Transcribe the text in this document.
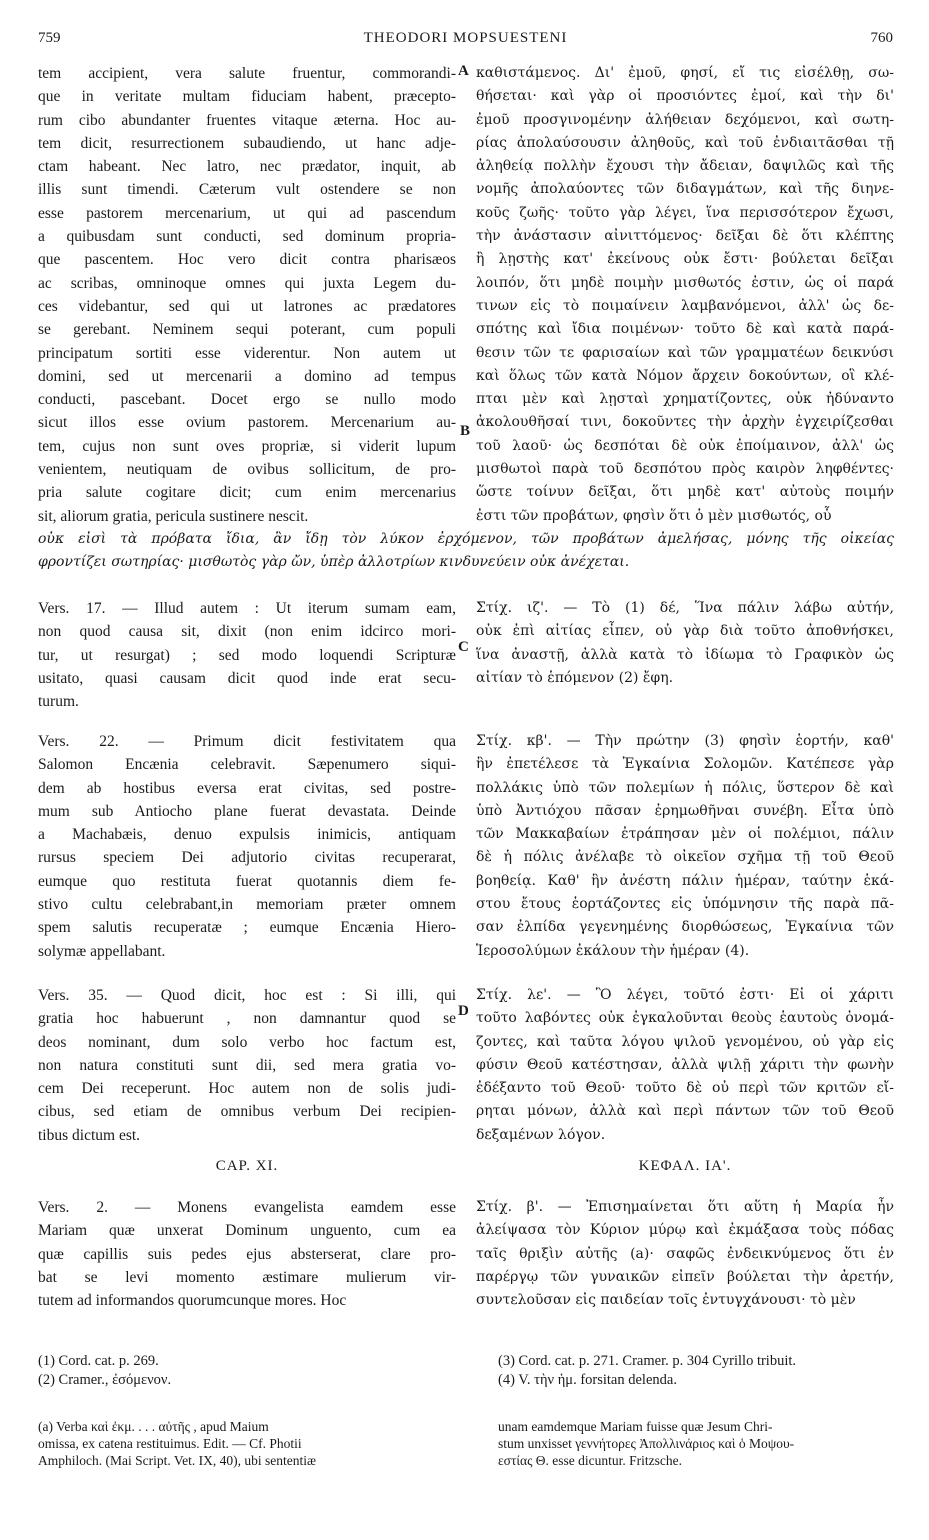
759	THEODORI MOPSUESTENI	760
tem accipient, vera salute fruentur, commorandi-
que in veritate multam fiduciam habent, præcepto-
rum cibo abundanter fruentes vitaque æterna. Hoc au-
tem dicit, resurrectionem subaudiendo, ut hanc adje-
ctam habeant. Nec latro, nec prædator, inquit, ab
illis sunt timendi. Cæterum vult ostendere se non
esse pastorem mercenarium, ut qui ad pascendum
a quibusdam sunt conducti, sed dominum propria-
que pascentem. Hoc vero dicit contra pharisæos
ac scribas, omninoque omnes qui juxta Legem du-
ces videbantur, sed qui ut latrones ac prædatores
se gerebant. Neminem sequi poterant, cum populi
principatum sortiti esse viderentur. Non autem ut
domini, sed ut mercenarii a domino ad tempus
conducti, pascebant. Docet ergo se nullo modo
sicut illos esse ovium pastorem. Mercenarium au-
tem, cujus non sunt oves propriæ, si viderit lupum
venientem, neutiquam de ovibus sollicitum, de pro-
pria salute cogitare dicit; cum enim mercenarius
sit, aliorum gratia, pericula sustinere nescit.
καθιστάμενος. Δι' ἐμοῦ, φησί, εἴ τις εἰσέλθῃ, σω-
θήσεται· καὶ γὰρ οἱ προσιόντες ἐμοί, καὶ τὴν δι'
ἐμοῦ προσγινομένην ἀλήθειαν δεχόμενοι, καὶ σωτη-
ρίας ἀπολαύσουσιν ἀληθοῦς, καὶ τοῦ ἐνδιαιτᾶσθαι τῇ
ἀληθείᾳ πολλὴν ἔχουσι τὴν ἄδειαν, δαψιλῶς καὶ τῆς
νομῆς ἀπολαύοντες τῶν διδαγμάτων, καὶ τῆς διηνε-
κοῦς ζωῆς· τοῦτο γὰρ λέγει, ἵνα περισσότερον ἔχωσι,
τὴν ἀνάστασιν αἰνιττόμενος· δεῖξαι δὲ ὅτι κλέπτης
ἢ λῃστὴς κατ' ἐκείνους οὐκ ἔστι· βούλεται δεῖξαι
λοιπόν, ὅτι μηδὲ ποιμὴν μισθωτός ἐστιν, ὡς οἱ παρά
τινων εἰς τὸ ποιμαίνειν λαμβανόμενοι, ἀλλ' ὡς δε-
σπότης καὶ ἴδια ποιμένων· τοῦτο δὲ καὶ κατὰ παρά-
θεσιν τῶν τε φαρισαίων καὶ τῶν γραμματέων δεικνύσι
καὶ ὅλως τῶν κατὰ Νόμον ἄρχειν δοκούντων, οἳ κλέ-
πται μὲν καὶ λῃσταὶ χρηματίζοντες, οὐκ ἠδύναντο
ἀκολουθῆσαί τινι, δοκοῦντες τὴν ἀρχὴν ἐγχειρίζεσθαι
τοῦ λαοῦ· ὡς δεσπόται δὲ οὐκ ἐποίμαινον, ἀλλ' ὡς
μισθωτοὶ παρὰ τοῦ δεσπότου πρὸς καιρὸν ληφθέντες·
ὥστε τοίνυν δεῖξαι, ὅτι μηδὲ κατ' αὐτοὺς ποιμήν
ἐστι τῶν προβάτων, φησὶν ὅτι ὁ μὲν μισθωτός, οὗ
οὐκ εἰσὶ τὰ πρόβατα ἴδια, ἂν ἴδῃ τὸν λύκον ἐρχόμενον, τῶν προβάτων ἀμελήσας, μόνης τῆς οἰκείας
φροντίζει σωτηρίας· μισθωτὸς γὰρ ὤν, ὑπὲρ ἀλλοτρίων κινδυνεύειν οὐκ ἀνέχεται.
A
B
C
D
Vers. 17. — Illud autem : Ut iterum sumam eam,
non quod causa sit, dixit (non enim idcirco mori-
tur, ut resurgat) ; sed modo loquendi Scripturæ
usitato, quasi causam dicit quod inde erat secu-
turum.
Στίχ. ιζ'. — Τὸ (1) δέ, Ἵνα πάλιν λάβω αὐτήν,
οὐκ ἐπὶ αἰτίας εἶπεν, οὐ γὰρ διὰ τοῦτο ἀποθνήσκει,
ἵνα ἀναστῇ, ἀλλὰ κατὰ τὸ ἰδίωμα τὸ Γραφικὸν ὡς
αἰτίαν τὸ ἑπόμενον (2) ἔφη.
Vers. 22. — Primum dicit festivitatem qua
Salomon Encænia celebravit. Sæpenumero siqui-
dem ab hostibus eversa erat civitas, sed postre-
mum sub Antiocho plane fuerat devastata. Deinde
a Machabæis, denuo expulsis inimicis, antiquam
rursus speciem Dei adjutorio civitas recuperarat,
eumque quo restituta fuerat quotannis diem fe-
stivo cultu celebrabant,in memoriam præter omnem
spem salutis recuperatæ ; eumque Encænia Hiero-
solymæ appellabant.
Στίχ. κβ'. — Τὴν πρώτην (3) φησὶν ἑορτήν, καθ'
ἣν ἐπετέλεσε τὰ Ἐγκαίνια Σολομῶν. Κατέπεσε γὰρ
πολλάκις ὑπὸ τῶν πολεμίων ἡ πόλις, ὕστερον δὲ καὶ
ὑπὸ Ἀντιόχου πᾶσαν ἐρημωθῆναι συνέβη. Εἶτα ὑπὸ
τῶν Μακκαβαίων ἐτράπησαν μὲν οἱ πολέμιοι, πάλιν
δὲ ἡ πόλις ἀνέλαβε τὸ οἰκεῖον σχῆμα τῇ τοῦ Θεοῦ
βοηθείᾳ. Καθ' ἣν ἀνέστη πάλιν ἡμέραν, ταύτην ἑκά-
στου ἔτους ἑορτάζοντες εἰς ὑπόμνησιν τῆς παρὰ πᾶ-
σαν ἐλπίδα γεγενημένης διορθώσεως, Ἐγκαίνια τῶν
Ἱεροσολύμων ἐκάλουν τὴν ἡμέραν (4).
Vers. 35. — Quod dicit, hoc est : Si illi, qui
gratia hoc habuerunt , non damnantur quod se
deos nominant, dum solo verbo hoc factum est,
non natura constituti sunt dii, sed mera gratia vo-
cem Dei receperunt. Hoc autem non de solis judi-
cibus, sed etiam de omnibus verbum Dei recipien-
tibus dictum est.
Στίχ. λε'. — Ὃ λέγει, τοῦτό ἐστι· Εἰ οἱ χάριτι
τοῦτο λαβόντες οὐκ ἐγκαλοῦνται θεοὺς ἑαυτοὺς ὀνομά-
ζοντες, καὶ ταῦτα λόγου ψιλοῦ γενομένου, οὐ γὰρ εἰς
φύσιν Θεοῦ κατέστησαν, ἀλλὰ ψιλῇ χάριτι τὴν φωνὴν
ἐδέξαντο τοῦ Θεοῦ· τοῦτο δὲ οὐ περὶ τῶν κριτῶν εἴ-
ρηται μόνων, ἀλλὰ καὶ περὶ πάντων τῶν τοῦ Θεοῦ
δεξαμένων λόγον.
CAP. XI.	ΚΕΦΑΛ. ΙΑ'.
Vers. 2. — Monens evangelista eamdem esse
Mariam quæ unxerat Dominum unguento, cum ea
quæ capillis suis pedes ejus absterserat, clare pro-
bat se levi momento æstimare mulierum vir-
tutem ad informandos quorumcunque mores. Hoc
Στίχ. β'. — Ἐπισημαίνεται ὅτι αὕτη ἡ Μαρία ἦν
ἀλείψασα τὸν Κύριον μύρῳ καὶ ἐκμάξασα τοὺς πόδας
ταῖς θριξὶν αὐτῆς (a)· σαφῶς ἐνδεικνύμενος ὅτι ἐν
παρέργῳ τῶν γυναικῶν εἰπεῖν βούλεται τὴν ἀρετήν,
συντελοῦσαν εἰς παιδείαν τοῖς ἐντυγχάνουσι· τὸ μὲν
(1) Cord. cat. p. 269.
(2) Cramer., ἐσόμενον.
(3) Cord. cat. p. 271. Cramer. p. 304 Cyrillo tribuit.
(4) V. τὴν ἡμ. forsitan delenda.
(a) Verba καὶ ἐκμ. . . . αὐτῆς , apud Maium
omissa, ex catena restituimus. Edit. — Cf. Photii
Amphiloch. (Mai Script. Vet. IX, 40), ubi sententiæ
unam eamdemque Mariam fuisse quæ Jesum Chri-
stum unxisset γεννήτορες Ἀπολλινάριος καὶ ὁ Μοψου-
εστίας Θ. esse dicuntur. Fritzsche.
